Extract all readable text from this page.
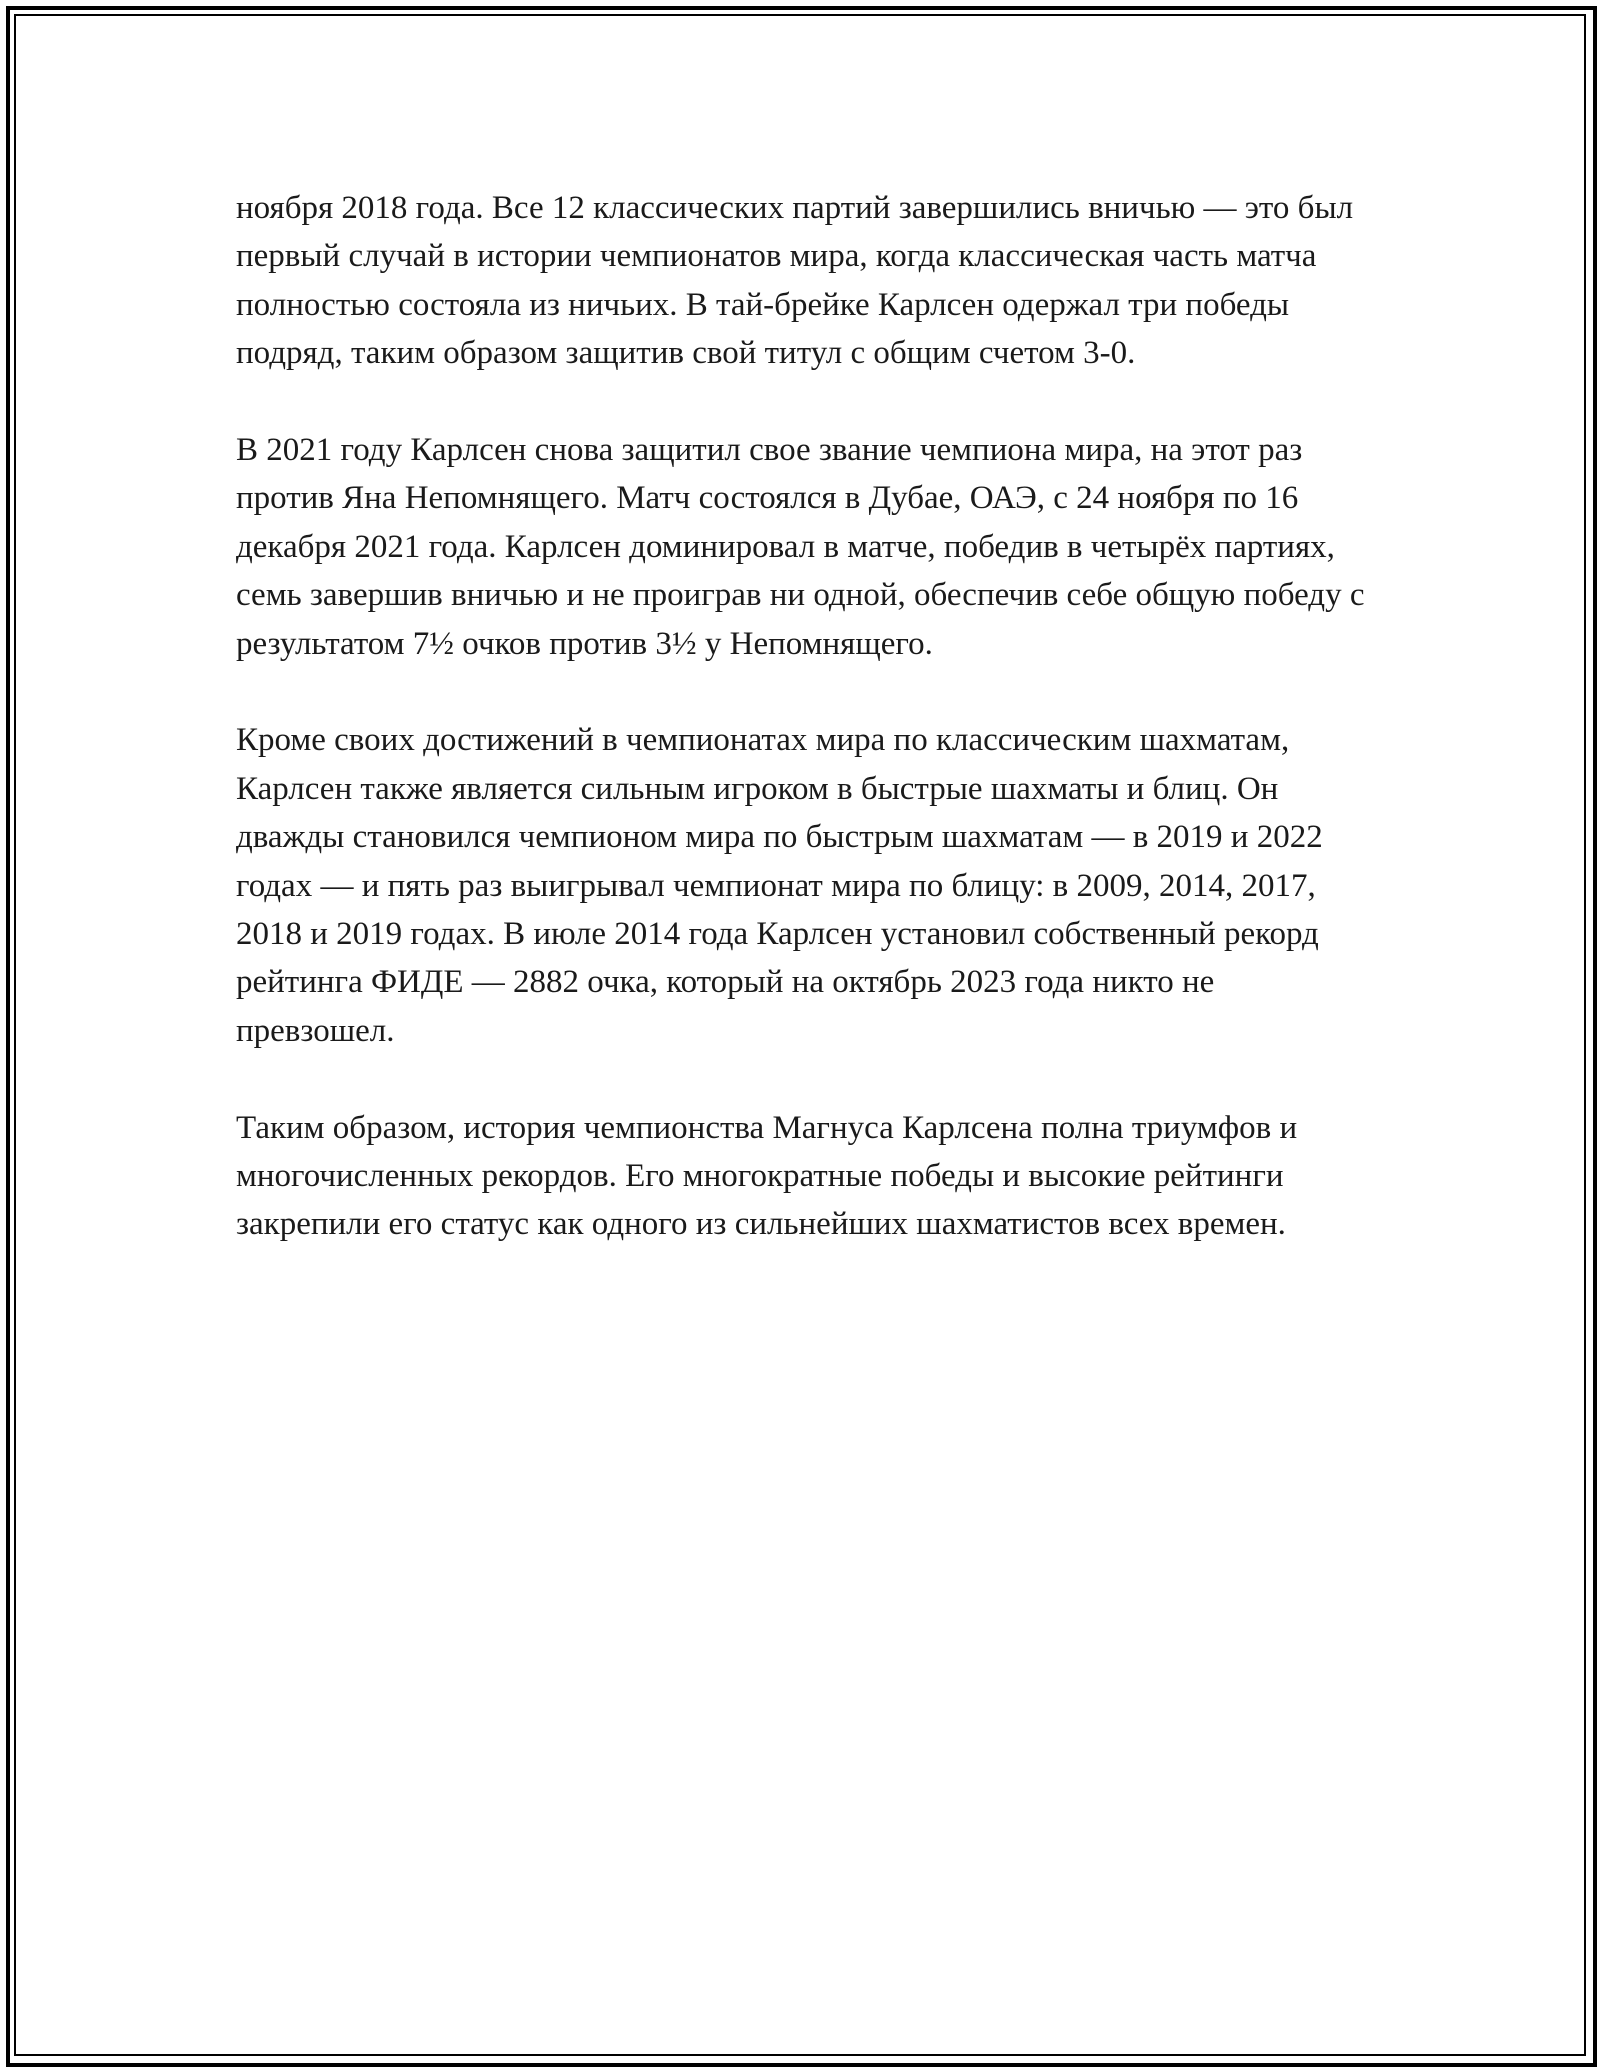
ноября 2018 года. Все 12 классических партий завершились вничью — это был первый случай в истории чемпионатов мира, когда классическая часть матча полностью состояла из ничьих. В тай-брейке Карлсен одержал три победы подряд, таким образом защитив свой титул с общим счетом 3-0.

В 2021 году Карлсен снова защитил свое звание чемпиона мира, на этот раз против Яна Непомнящего. Матч состоялся в Дубае, ОАЭ, с 24 ноября по 16 декабря 2021 года. Карлсен доминировал в матче, победив в четырёх партиях, семь завершив вничью и не проиграв ни одной, обеспечив себе общую победу с результатом 7½ очков против 3½ у Непомнящего.

Кроме своих достижений в чемпионатах мира по классическим шахматам, Карлсен также является сильным игроком в быстрые шахматы и блиц. Он дважды становился чемпионом мира по быстрым шахматам — в 2019 и 2022 годах — и пять раз выигрывал чемпионат мира по блицу: в 2009, 2014, 2017, 2018 и 2019 годах. В июле 2014 года Карлсен установил собственный рекорд рейтинга ФИДЕ — 2882 очка, который на октябрь 2023 года никто не превзошел.

Таким образом, история чемпионства Магнуса Карлсена полна триумфов и многочисленных рекордов. Его многократные победы и высокие рейтинги закрепили его статус как одного из сильнейших шахматистов всех времен.
